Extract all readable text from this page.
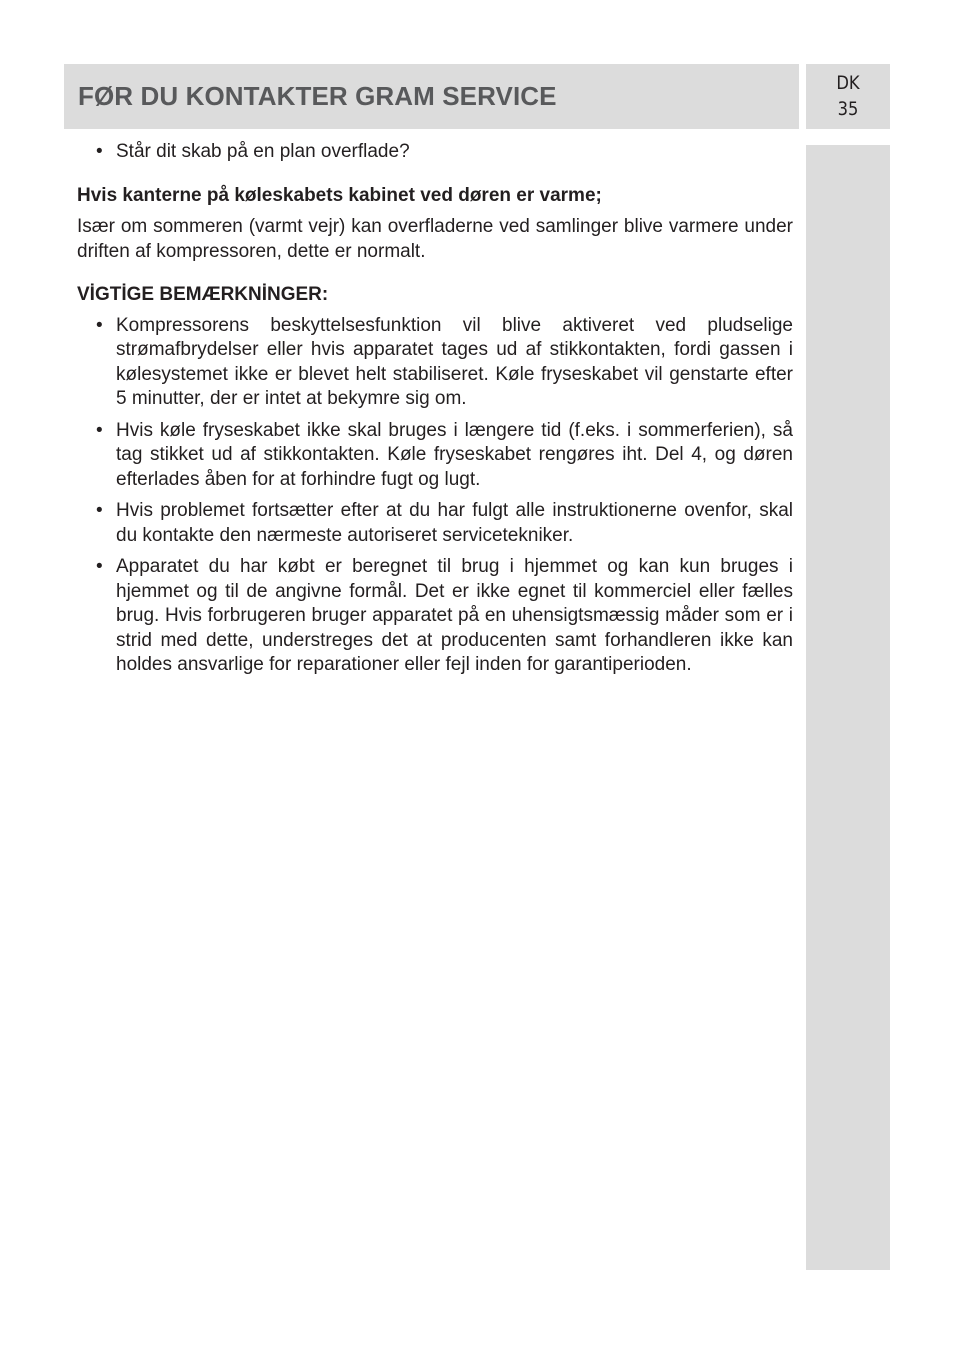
FØR DU KONTAKTER GRAM SERVICE	DK
35
• Står dit skab på en plan overflade?
Hvis kanterne på køleskabets kabinet ved døren er varme;
Især om sommeren (varmt vejr) kan overfladerne ved samlinger blive varmere under driften af kompressoren, dette er normalt.
VİGTİGE BEMÆRKNİNGER:
• Kompressorens beskyttelsesfunktion vil blive aktiveret ved pludselige strømafbrydelser eller hvis apparatet tages ud af stikkontakten, fordi gassen i kølesystemet ikke er blevet helt stabiliseret. Køle fryseskabet vil genstarte efter 5 minutter, der er intet at bekymre sig om.
• Hvis køle fryseskabet ikke skal bruges i længere tid (f.eks. i sommerferien), så tag stikket ud af stikkontakten. Køle fryseskabet rengøres iht. Del 4, og døren efterlades åben for at forhindre fugt og lugt.
• Hvis problemet fortsætter efter at du har fulgt alle instruktionerne ovenfor, skal du kontakte den nærmeste autoriseret servicetekniker.
• Apparatet du har købt er beregnet til brug i hjemmet og kan kun bruges i hjemmet og til de angivne formål. Det er ikke egnet til kommerciel eller fælles brug. Hvis forbrugeren bruger apparatet på en uhensigtsmæssig måder som er i strid med dette, understreges det at producenten samt forhandleren ikke kan holdes ansvarlige for reparationer eller fejl inden for garantiperioden.
